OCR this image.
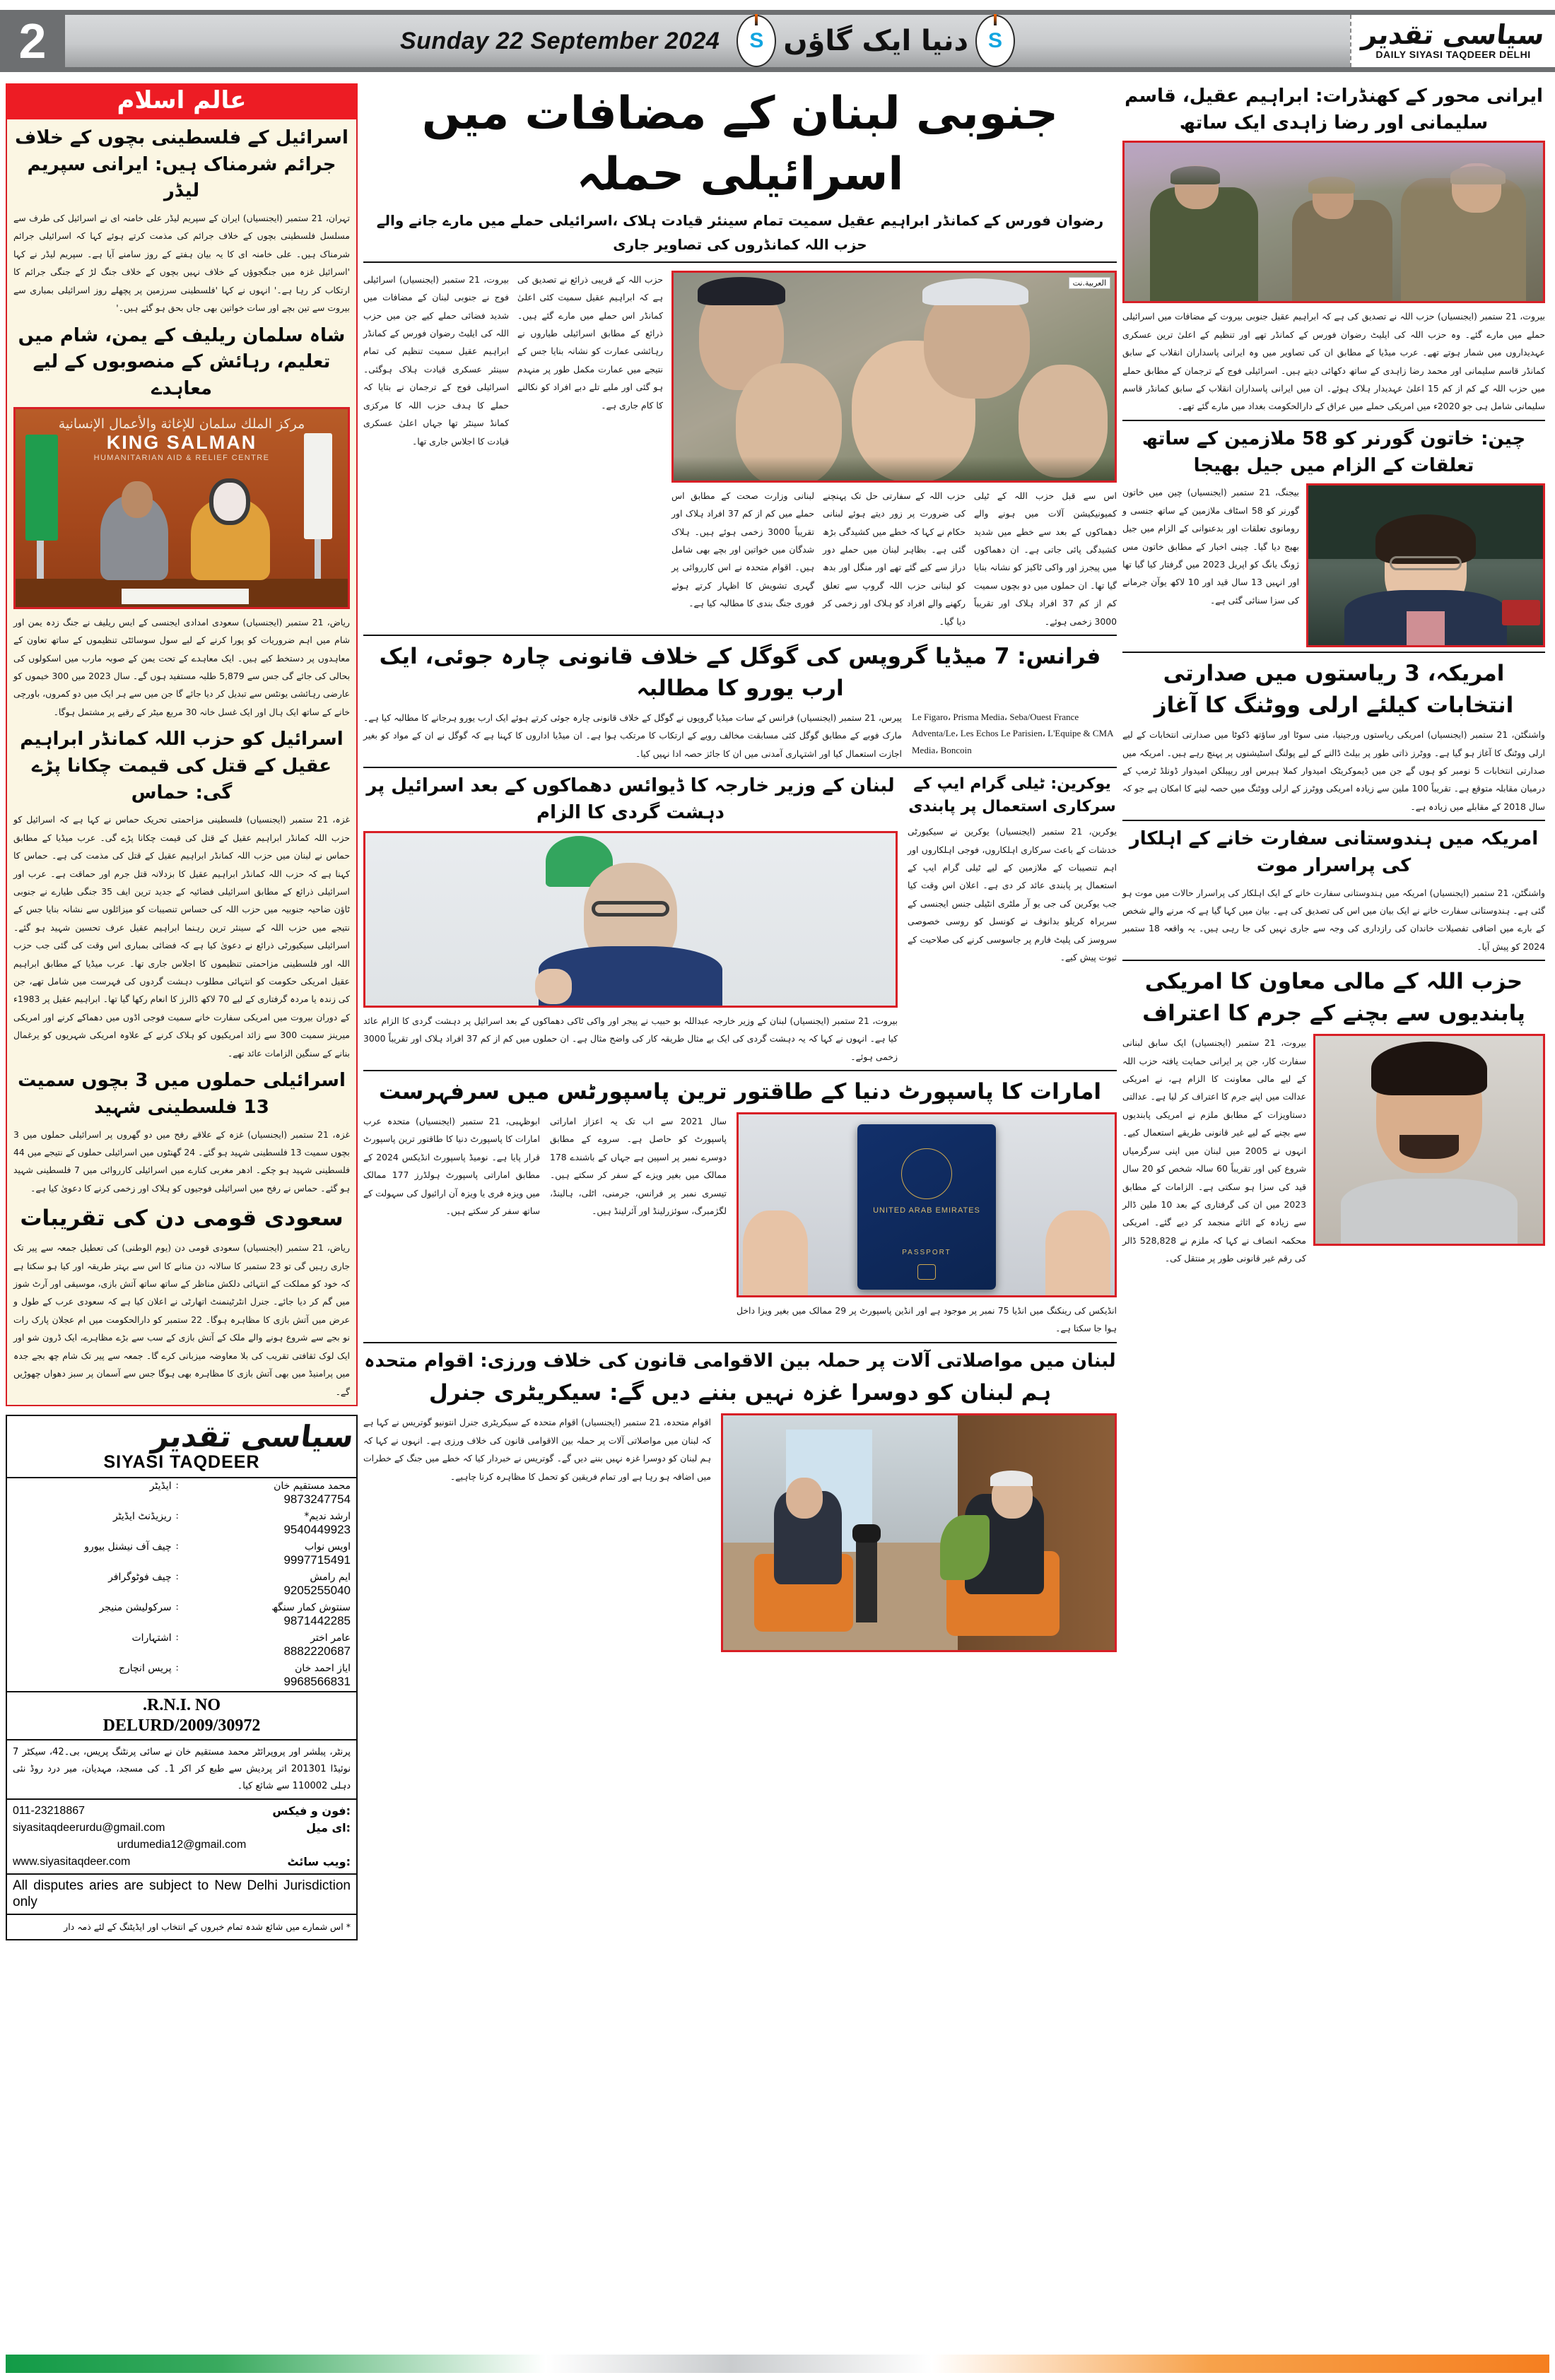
سیاسی تقدیر
DAILY SIYASI TAQDEER DELHI
S
دنیا ایک گاؤں
S
Sunday 22 September 2024
2
عالم اسلام
اسرائیل کے فلسطینی بچوں کے خلاف جرائم شرمناک ہیں: ایرانی سپریم لیڈر
تہران، 21 ستمبر (ایجنسیاں) ایران کے سپریم لیڈر علی خامنہ ای نے اسرائیل کی طرف سے مسلسل فلسطینی بچوں کے خلاف جرائم کی مذمت کرتے ہوئے کہا کہ اسرائیلی جرائم شرمناک ہیں۔ علی خامنہ ای کا یہ بیان ہفتے کے روز سامنے آیا ہے۔ سپریم لیڈر نے کہا 'اسرائیل غزہ میں جنگجوؤں کے خلاف نہیں بچوں کے خلاف جنگ لڑ کے جنگی جرائم کا ارتکاب کر رہا ہے۔' انہوں نے کہا 'فلسطینی سرزمین پر پچھلے روز اسرائیلی بمباری سے بیروت سے تین بچے اور سات خواتین بھی جاں بحق ہو گئے ہیں۔'
شاہ سلمان ریلیف کے یمن، شام میں تعلیم، رہائش کے منصوبوں کے لیے معاہدے
مركز الملك سلمان للإغاثة والأعمال الإنسانية
KING SALMAN
HUMANITARIAN AID & RELIEF CENTRE
ریاض، 21 ستمبر (ایجنسیاں) سعودی امدادی ایجنسی کے ایس ریلیف نے جنگ زدہ یمن اور شام میں اہم ضروریات کو پورا کرنے کے لیے سول سوسائٹی تنظیموں کے ساتھ تعاون کے معاہدوں پر دستخط کیے ہیں۔ ایک معاہدے کے تحت یمن کے صوبہ مارب میں اسکولوں کی بحالی کی جائے گی جس سے 5,879 طلبہ مستفید ہوں گے۔ سال 2023 میں 300 خیموں کو عارضی رہائشی یونٹس سے تبدیل کر دیا جائے گا جن میں سے ہر ایک میں دو کمروں، باورچی خانے کے ساتھ ایک ہال اور ایک غسل خانہ 30 مربع میٹر کے رقبے پر مشتمل ہوگا۔
اسرائیل کو حزب اللہ کمانڈر ابراہیم عقیل کے قتل کی قیمت چکانا پڑے گی: حماس
غزہ، 21 ستمبر (ایجنسیاں) فلسطینی مزاحمتی تحریک حماس نے کہا ہے کہ اسرائیل کو حزب اللہ کمانڈر ابراہیم عقیل کے قتل کی قیمت چکانا پڑے گی۔ عرب میڈیا کے مطابق حماس نے لبنان میں حزب اللہ کمانڈر ابراہیم عقیل کے قتل کی مذمت کی ہے۔ حماس کا کہنا ہے کہ حزب اللہ کمانڈر ابراہیم عقیل کا بزدلانہ قتل جرم اور حماقت ہے۔ عرب اور اسرائیلی ذرائع کے مطابق اسرائیلی فضائیہ کے جدید ترین ایف 35 جنگی طیارے نے جنوبی ٹاؤن ضاحیہ جنوبیہ میں حزب اللہ کی حساس تنصیبات کو میزائلوں سے نشانہ بنایا جس کے نتیجے میں حزب اللہ کے سینئر ترین رہنما ابراہیم عقیل عرف تحسین شہید ہو گئے۔ اسرائیلی سیکیورٹی ذرائع نے دعویٰ کیا ہے کہ فضائی بمباری اس وقت کی گئی جب حزب اللہ اور فلسطینی مزاحمتی تنظیموں کا اجلاس جاری تھا۔ عرب میڈیا کے مطابق ابراہیم عقیل امریکی حکومت کو انتہائی مطلوب دہشت گردوں کی فہرست میں شامل تھے، جن کی زندہ یا مردہ گرفتاری کے لیے 70 لاکھ ڈالرز کا انعام رکھا گیا تھا۔ ابراہیم عقیل پر 1983ء کے دوران بیروت میں امریکی سفارت خانے سمیت فوجی اڈوں میں دھماکے کرنے اور امریکی میرینز سمیت 300 سے زائد امریکیوں کو ہلاک کرنے کے علاوہ امریکی شہریوں کو یرغمال بنانے کے سنگین الزامات عائد تھے۔
اسرائیلی حملوں میں 3 بچوں سمیت 13 فلسطینی شہید
غزہ، 21 ستمبر (ایجنسیاں) غزہ کے علاقے رفح میں دو گھروں پر اسرائیلی حملوں میں 3 بچوں سمیت 13 فلسطینی شہید ہو گئے۔ 24 گھنٹوں میں اسرائیلی حملوں کے نتیجے میں 44 فلسطینی شہید ہو چکے۔ ادھر مغربی کنارے میں اسرائیلی کارروائی میں 7 فلسطینی شہید ہو گئے۔ حماس نے رفح میں اسرائیلی فوجیوں کو ہلاک اور زخمی کرنے کا دعویٰ کیا ہے۔
سعودی قومی دن کی تقریبات
ریاض، 21 ستمبر (ایجنسیاں) سعودی قومی دن (یوم الوطنی) کی تعطیل جمعہ سے پیر تک جاری رہیں گی تو 23 ستمبر کا سالانہ دن منانے کا اس سے بہتر طریقہ اور کیا ہو سکتا ہے کہ خود کو مملکت کے انتہائی دلکش مناظر کے ساتھ ساتھ آتش بازی، موسیقی اور آرٹ شوز میں گم کر دیا جائے۔ جنرل انٹرٹینمنٹ اتھارٹی نے اعلان کیا ہے کہ سعودی عرب کے طول و عرض میں آتش بازی کا مظاہرہ ہوگا۔ 22 ستمبر کو دارالحکومت میں ام عجلان پارک رات نو بجے سے شروع ہونے والے ملک کے آتش بازی کے سب سے بڑے مظاہرے، ایک ڈرون شو اور ایک لوک ثقافتی تقریب کی بلا معاوضہ میزبانی کرے گا۔ جمعہ سے پیر تک شام چھ بجے جدہ میں پرامنیڈ میں بھی آتش بازی کا مظاہرہ بھی ہوگا جس سے آسمان پر سبز دھواں چھوڑیں گے۔
سیاسی تقدیر
SIYASI TAQDEER
ایڈیٹر :	محمد مستقیم خان
9873247754
ریزیڈنٹ ایڈیٹر :	ارشد ندیم*
9540449923
چیف آف نیشنل بیورو :	اویس نواب
9997715491
چیف فوٹوگرافر :	ایم رامش
9205255040
سرکولیشن منیجر :	سنتوش کمار سنگھ
9871442285
اشتہارات :	عامر اختر
8882220687
پریس انچارج :	ایاز احمد خان
9968566831
R.N.I. NO.
DELURD/2009/30972
پرنٹر، پبلشر اور پروپرائٹر محمد مستقیم خان نے سائی پرنٹنگ پریس، بی۔42، سیکٹر 7 نوئیڈا 201301 اتر پردیش سے طبع کر اکر 1۔ کی مسجد، مہدیان، میر درد روڈ نئی دہلی 110002 سے شائع کیا۔
فون و فیکس:
011-23218867
ای میل:
siyasitaqdeerurdu@gmail.com
urdumedia12@gmail.com
ویب سائٹ:
www.siyasitaqdeer.com
All disputes aries are subject to New Delhi Jurisdiction only
* اس شمارے میں شائع شدہ تمام خبروں کے انتخاب اور ایڈیٹنگ کے لئے ذمہ دار
جنوبی لبنان کے مضافات میں اسرائیلی حملہ
رضوان فورس کے کمانڈر ابراہیم عقیل سمیت تمام سینئر قیادت ہلاک ،اسرائیلی حملے میں مارے جانے والے حزب اللہ کمانڈروں کی تصاویر جاری
بیروت، 21 ستمبر (ایجنسیاں) اسرائیلی فوج نے جنوبی لبنان کے مضافات میں شدید فضائی حملے کیے جن میں حزب اللہ کی ایلیٹ رضوان فورس کے کمانڈر ابراہیم عقیل سمیت تنظیم کی تمام سینئر عسکری قیادت ہلاک ہوگئی۔ اسرائیلی فوج کے ترجمان نے بتایا کہ حملے کا ہدف حزب اللہ کا مرکزی کمانڈ سینٹر تھا جہاں اعلیٰ عسکری قیادت کا اجلاس جاری تھا۔
حزب اللہ کے قریبی ذرائع نے تصدیق کی ہے کہ ابراہیم عقیل سمیت کئی اعلیٰ کمانڈر اس حملے میں مارے گئے ہیں۔ ذرائع کے مطابق اسرائیلی طیاروں نے رہائشی عمارت کو نشانہ بنایا جس کے نتیجے میں عمارت مکمل طور پر منہدم ہو گئی اور ملبے تلے دبے افراد کو نکالنے کا کام جاری ہے۔
العربية.نت
لبنانی وزارت صحت کے مطابق اس حملے میں کم از کم 37 افراد ہلاک اور تقریباً 3000 زخمی ہوئے ہیں۔ ہلاک شدگان میں خواتین اور بچے بھی شامل ہیں۔ اقوام متحدہ نے اس کارروائی پر گہری تشویش کا اظہار کرتے ہوئے فوری جنگ بندی کا مطالبہ کیا ہے۔
حزب اللہ کے سفارتی حل تک پہنچنے کی ضرورت پر زور دیتے ہوئے لبنانی حکام نے کہا کہ خطے میں کشیدگی بڑھ گئی ہے۔ بظاہر لبنان میں حملے دور دراز سے کیے گئے تھے اور منگل اور بدھ کو لبنانی حزب اللہ گروپ سے تعلق رکھنے والے افراد کو ہلاک اور زخمی کر دیا گیا۔
اس سے قبل حزب اللہ کے ٹیلی کمیونیکیشن آلات میں ہونے والے دھماکوں کے بعد سے خطے میں شدید کشیدگی پائی جاتی ہے۔ ان دھماکوں میں پیجرز اور واکی ٹاکیز کو نشانہ بنایا گیا تھا۔ ان حملوں میں دو بچوں سمیت کم از کم 37 افراد ہلاک اور تقریباً 3000 زخمی ہوئے۔
فرانس: 7 میڈیا گروپس کی گوگل کے خلاف قانونی چارہ جوئی، ایک ارب یورو کا مطالبہ
پیرس، 21 ستمبر (ایجنسیاں) فرانس کے سات میڈیا گروپوں نے گوگل کے خلاف قانونی چارہ جوئی کرتے ہوئے ایک ارب یورو ہرجانے کا مطالبہ کیا ہے۔ مارک فوبے کے مطابق گوگل کئی مسابقت مخالف رویے کے ارتکاب کا مرتکب ہوا ہے۔ ان میڈیا اداروں کا کہنا ہے کہ گوگل نے ان کے مواد کو بغیر اجازت استعمال کیا اور اشتہاری آمدنی میں ان کا جائز حصہ ادا نہیں کیا۔
Le Figaro، Prisma Media، Seba/Ouest France Adventa/Le، Les Echos Le Parisien، L'Equipe & CMA Media، Boncoin
لبنان کے وزیر خارجہ کا ڈیوائس دھماکوں کے بعد اسرائیل پر دہشت گردی کا الزام
بیروت، 21 ستمبر (ایجنسیاں) لبنان کے وزیر خارجہ عبداللہ بو حبیب نے پیجر اور واکی ٹاکی دھماکوں کے بعد اسرائیل پر دہشت گردی کا الزام عائد کیا ہے۔ انہوں نے کہا کہ یہ دہشت گردی کی ایک بے مثال طریقہ کار کی واضح مثال ہے۔ ان حملوں میں کم از کم 37 افراد ہلاک اور تقریباً 3000 زخمی ہوئے۔
یوکرین: ٹیلی گرام ایپ کے سرکاری استعمال پر پابندی
یوکرین، 21 ستمبر (ایجنسیاں) یوکرین نے سیکیورٹی خدشات کے باعث سرکاری اہلکاروں، فوجی اہلکاروں اور اہم تنصیبات کے ملازمین کے لیے ٹیلی گرام ایپ کے استعمال پر پابندی عائد کر دی ہے۔ اعلان اس وقت کیا جب یوکرین کی جی یو آر ملٹری انٹیلی جنس ایجنسی کے سربراہ کریلو بدانوف نے کونسل کو روسی خصوصی سروسز کی پلیٹ فارم پر جاسوسی کرنے کی صلاحیت کے ثبوت پیش کیے۔
امارات کا پاسپورٹ دنیا کے طاقتور ترین پاسپورٹس میں سرفہرست
ابوظہبی، 21 ستمبر (ایجنسیاں) متحدہ عرب امارات کا پاسپورٹ دنیا کا طاقتور ترین پاسپورٹ قرار پایا ہے۔ نومیڈ پاسپورٹ انڈیکس 2024 کے مطابق اماراتی پاسپورٹ ہولڈرز 177 ممالک میں ویزہ فری یا ویزہ آن ارائیول کی سہولت کے ساتھ سفر کر سکتے ہیں۔
سال 2021 سے اب تک یہ اعزاز اماراتی پاسپورٹ کو حاصل ہے۔ سروے کے مطابق دوسرے نمبر پر اسپین ہے جہاں کے باشندے 178 ممالک میں بغیر ویزے کے سفر کر سکتے ہیں۔ تیسری نمبر پر فرانس، جرمنی، اٹلی، ہالینڈ، لگژمبرگ، سوئزرلینڈ اور آئرلینڈ ہیں۔	UNITED ARAB EMIRATES
PASSPORT
انڈیکس کی رینکنگ میں انڈیا 75 نمبر پر موجود ہے اور انڈین پاسپورٹ پر 29 ممالک میں بغیر ویزا داخل ہوا جا سکتا ہے۔
لبنان میں مواصلاتی آلات پر حملہ بین الاقوامی قانون کی خلاف ورزی: اقوام متحدہ
ہم لبنان کو دوسرا غزہ نہیں بننے دیں گے: سیکریٹری جنرل
اقوام متحدہ، 21 ستمبر (ایجنسیاں) اقوام متحدہ کے سیکریٹری جنرل انتونیو گوتریس نے کہا ہے کہ لبنان میں مواصلاتی آلات پر حملہ بین الاقوامی قانون کی خلاف ورزی ہے۔ انہوں نے کہا کہ ہم لبنان کو دوسرا غزہ نہیں بننے دیں گے۔ گوتریس نے خبردار کیا کہ خطے میں جنگ کے خطرات میں اضافہ ہو رہا ہے اور تمام فریقین کو تحمل کا مظاہرہ کرنا چاہیے۔
ایرانی محور کے کھنڈرات: ابراہیم عقیل، قاسم سلیمانی اور رضا زاہدی ایک ساتھ
بیروت، 21 ستمبر (ایجنسیاں) حزب اللہ نے تصدیق کی ہے کہ ابراہیم عقیل جنوبی بیروت کے مضافات میں اسرائیلی حملے میں مارے گئے۔ وہ حزب اللہ کی ایلیٹ رضوان فورس کے کمانڈر تھے اور تنظیم کے اعلیٰ ترین عسکری عہدیداروں میں شمار ہوتے تھے۔ عرب میڈیا کے مطابق ان کی تصاویر میں وہ ایرانی پاسداران انقلاب کے سابق کمانڈر قاسم سلیمانی اور محمد رضا زاہدی کے ساتھ دکھائی دیتے ہیں۔ اسرائیلی فوج کے ترجمان کے مطابق حملے میں حزب اللہ کے کم از کم 15 اعلیٰ عہدیدار ہلاک ہوئے۔ ان میں ایرانی پاسداران انقلاب کے سابق کمانڈر قاسم سلیمانی شامل ہی جو 2020ء میں امریکی حملے میں عراق کے دارالحکومت بغداد میں مارے گئے تھے۔
چین: خاتون گورنر کو 58 ملازمین کے ساتھ تعلقات کے الزام میں جیل بھیجا
بیجنگ، 21 ستمبر (ایجنسیاں) چین میں خاتون گورنر کو 58 اسٹاف ملازمین کے ساتھ جنسی و رومانوی تعلقات اور بدعنوانی کے الزام میں جیل بھیج دیا گیا۔ چینی اخبار کے مطابق خاتون مس ژونگ یانگ کو اپریل 2023 میں گرفتار کیا گیا تھا اور انہیں 13 سال قید اور 10 لاکھ یوآن جرمانے کی سزا سنائی گئی ہے۔
امریکہ، 3 ریاستوں میں صدارتی انتخابات کیلئے ارلی ووٹنگ کا آغاز
واشنگٹن، 21 ستمبر (ایجنسیاں) امریکی ریاستوں ورجینیا، منی سوٹا اور ساؤتھ ڈکوٹا میں صدارتی انتخابات کے لیے ارلی ووٹنگ کا آغاز ہو گیا ہے۔ ووٹرز ذاتی طور پر بیلٹ ڈالنے کے لیے پولنگ اسٹیشنوں پر پہنچ رہے ہیں۔ امریکہ میں صدارتی انتخابات 5 نومبر کو ہوں گے جن میں ڈیموکریٹک امیدوار کملا ہیرس اور ریپبلکن امیدوار ڈونلڈ ٹرمپ کے درمیان مقابلہ متوقع ہے۔ تقریباً 100 ملین سے زیادہ امریکی ووٹرز کے ارلی ووٹنگ میں حصہ لینے کا امکان ہے جو کہ سال 2018 کے مقابلے میں زیادہ ہے۔
امریکہ میں ہندوستانی سفارت خانے کے اہلکار کی پراسرار موت
واشنگٹن، 21 ستمبر (ایجنسیاں) امریکہ میں ہندوستانی سفارت خانے کے ایک اہلکار کی پراسرار حالات میں موت ہو گئی ہے۔ ہندوستانی سفارت خانے نے ایک بیان میں اس کی تصدیق کی ہے۔ بیان میں کہا گیا ہے کہ مرنے والے شخص کے بارے میں اضافی تفصیلات خاندان کی رازداری کی وجہ سے جاری نہیں کی جا رہی ہیں۔ یہ واقعہ 18 ستمبر 2024 کو پیش آیا۔
حزب اللہ کے مالی معاون کا امریکی پابندیوں سے بچنے کے جرم کا اعتراف
بیروت، 21 ستمبر (ایجنسیاں) ایک سابق لبنانی سفارت کار، جن پر ایرانی حمایت یافتہ حزب اللہ کے لیے مالی معاونت کا الزام ہے، نے امریکی عدالت میں اپنے جرم کا اعتراف کر لیا ہے۔ عدالتی دستاویزات کے مطابق ملزم نے امریکی پابندیوں سے بچنے کے لیے غیر قانونی طریقے استعمال کیے۔ انہوں نے 2005 میں لبنان میں اپنی سرگرمیاں شروع کیں اور تقریباً 60 سالہ شخص کو 20 سال قید کی سزا ہو سکتی ہے۔ الزامات کے مطابق 2023 میں ان کی گرفتاری کے بعد 10 ملین ڈالر سے زیادہ کے اثاثے منجمد کر دیے گئے۔ امریکی محکمہ انصاف نے کہا کہ ملزم نے 528,828 ڈالر کی رقم غیر قانونی طور پر منتقل کی۔
